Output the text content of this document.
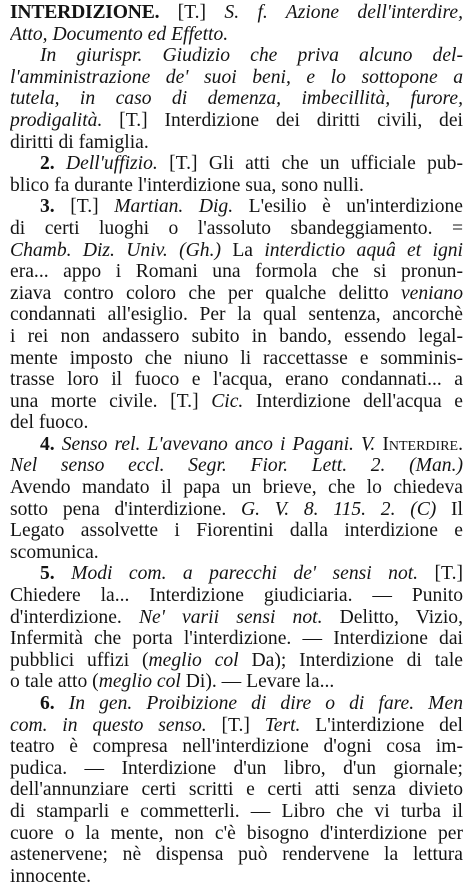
INTERDIZIONE. [T.] S. f. Azione dell'interdire,
Atto, Documento ed Effetto.
In giurispr. Giudizio che priva alcuno del-
l'amministrazione de' suoi beni, e lo sottopone a
tutela, in caso di demenza, imbecillità, furore,
prodigalità. [T.] Interdizione dei diritti civili, dei
diritti di famiglia.
2. Dell'uffizio. [T.] Gli atti che un ufficiale pub-
blico fa durante l'interdizione sua, sono nulli.
3. [T.] Martian. Dig. L'esilio è un'interdizione
di certi luoghi o l'assoluto sbandeggiamento. =
Chamb. Diz. Univ. (Gh.) La interdictio aquâ et igni
era... appo i Romani una formola che si pronun-
ziava contro coloro che per qualche delitto veniano
condannati all'esiglio. Per la qual sentenza, ancorchè
i rei non andassero subito in bando, essendo legal-
mente imposto che niuno li raccettasse e somminis-
trasse loro il fuoco e l'acqua, erano condannati... a
una morte civile. [T.] Cic. Interdizione dell'acqua e
del fuoco.
4. Senso rel. L'avevano anco i Pagani. V. Interdire.
Nel senso eccl. Segr. Fior. Lett. 2. (Man.)
Avendo mandato il papa un brieve, che lo chiedeva
sotto pena d'interdizione. G. V. 8. 115. 2. (C) Il
Legato assolvette i Fiorentini dalla interdizione e
scomunica.
5. Modi com. a parecchi de' sensi not. [T.]
Chiedere la... Interdizione giudiciaria. — Punito
d'interdizione. Ne' varii sensi not. Delitto, Vizio,
Infermità che porta l'interdizione. — Interdizione dai
pubblici uffizi (meglio col Da); Interdizione di tale
o tale atto (meglio col Di). — Levare la...
6. In gen. Proibizione di dire o di fare. Men
com. in questo senso. [T.] Tert. L'interdizione del
teatro è compresa nell'interdizione d'ogni cosa im-
pudica. — Interdizione d'un libro, d'un giornale;
dell'annunziare certi scritti e certi atti senza divieto
di stamparli e commetterli. — Libro che vi turba il
cuore o la mente, non c'è bisogno d'interdizione per
astenervene; nè dispensa può rendervene la lettura
innocente.
